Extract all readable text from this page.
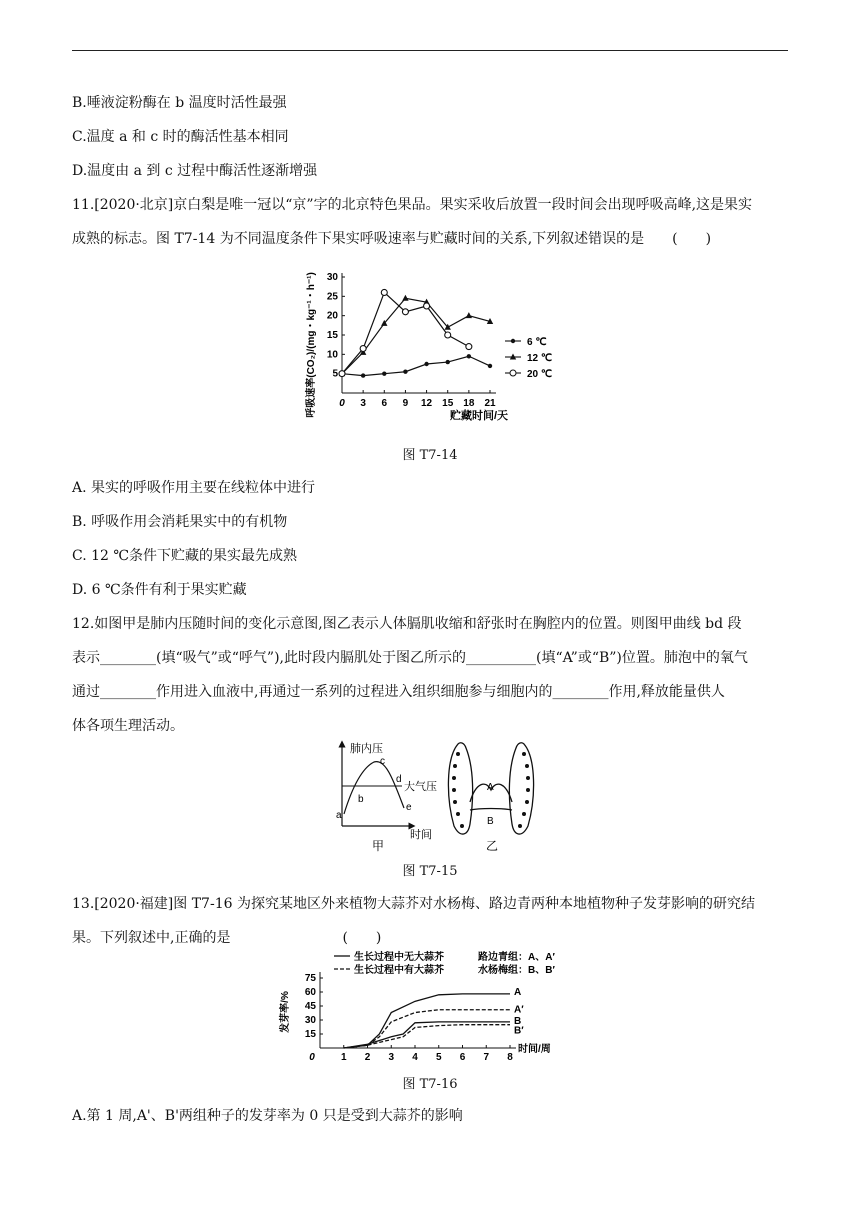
B.唾液淀粉酶在 b 温度时活性最强
C.温度 a 和 c 时的酶活性基本相同
D.温度由 a 到 c 过程中酶活性逐渐增强
11.[2020·北京]京白梨是唯一冠以“京”字的北京特色果品。果实采收后放置一段时间会出现呼吸高峰,这是果实
成熟的标志。图 T7-14 为不同温度条件下果实呼吸速率与贮藏时间的关系,下列叙述错误的是　　(　　)
0 3 6 9 12 15 18 21
5
10
15
20
25
30
贮藏时间/天
呼吸速率(CO₂)/(mg・kg⁻¹・h⁻¹)	6 ℃
12 ℃
20 ℃
图 T7-14
A. 果实的呼吸作用主要在线粒体中进行
B. 呼吸作用会消耗果实中的有机物
C. 12 ℃条件下贮藏的果实最先成熟
D. 6 ℃条件有利于果实贮藏
12.如图甲是肺内压随时间的变化示意图,图乙表示人体膈肌收缩和舒张时在胸腔内的位置。则图甲曲线 bd 段
表示________(填“吸气”或“呼气”),此时段内膈肌处于图乙所示的__________(填“A”或“B”)位置。肺泡中的氧气
通过________作用进入血液中,再通过一系列的过程进入组织细胞参与细胞内的________作用,释放能量供人
体各项生理活动。
肺内压
时间
大气压
a
b
c
d
e
甲
A
B
乙
图 T7-15
13.[2020·福建]图 T7-16 为探究某地区外来植物大蒜芥对水杨梅、路边青两种本地植物种子发芽影响的研究结
果。下列叙述中,正确的是　　　　　　　　(　　)
0	1 2 3 4 5 6 7 8
时间/周
15
30
45
60
75
发芽率/%	A
A′
B
B′
生长过程中无大蒜芥
生长过程中有大蒜芥
路边青组：A、A′
水杨梅组：B、B′
图 T7-16
A.第 1 周,A'、B'两组种子的发芽率为 0 只是受到大蒜芥的影响
